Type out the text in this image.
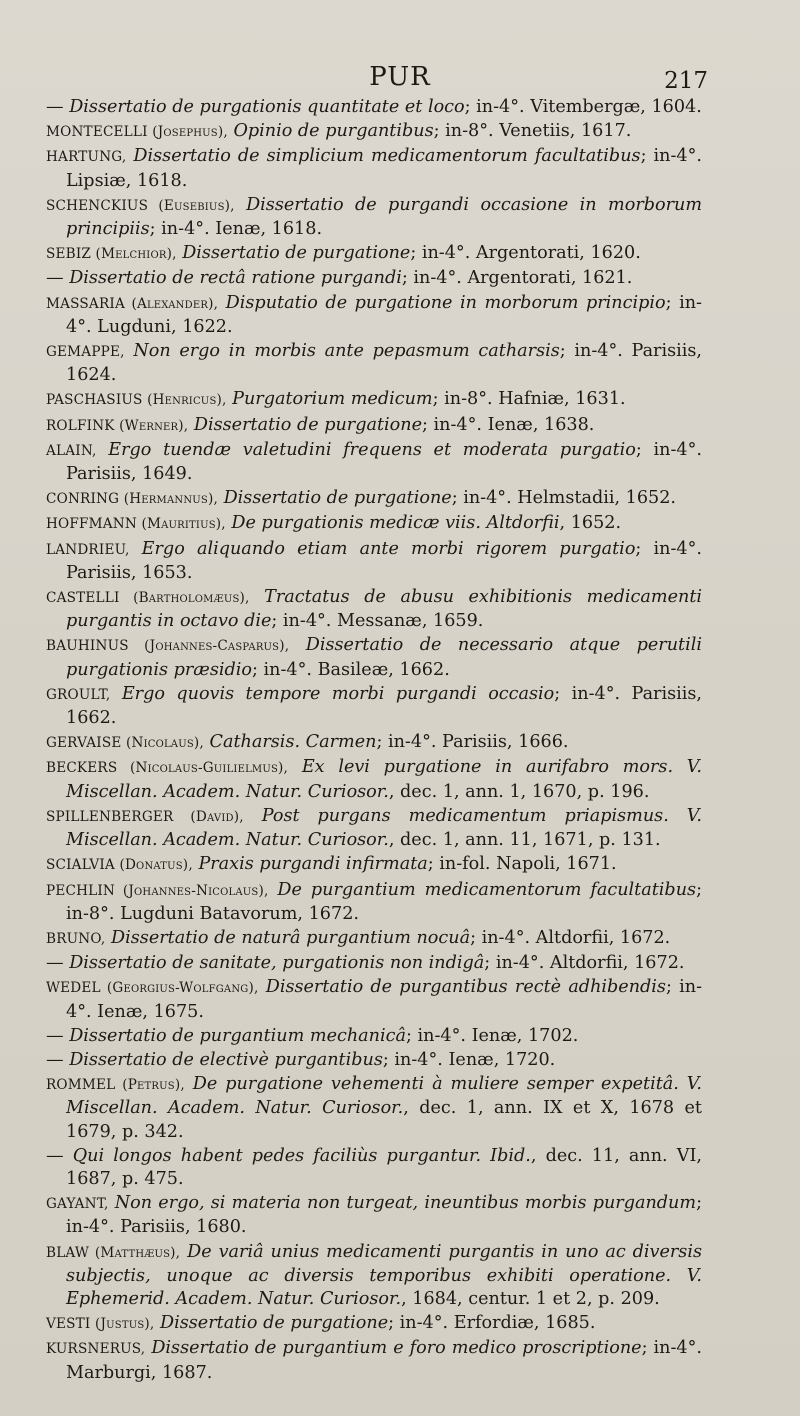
PUR	217

— Dissertatio de purgationis quantitate et loco; in-4°. Vitembergæ, 1604.

MONTECELLI (Josephus), Opinio de purgantibus; in-8°. Venetiis, 1617.

HARTUNG, Dissertatio de simplicium medicamentorum facultatibus; in-4°. Lipsiæ, 1618.

SCHENCKIUS (Eusebius), Dissertatio de purgandi occasione in morborum principiis; in-4°. Ienæ, 1618.

SEBIZ (Melchior), Dissertatio de purgatione; in-4°. Argentorati, 1620.

— Dissertatio de rectâ ratione purgandi; in-4°. Argentorati, 1621.

MASSARIA (Alexander), Disputatio de purgatione in morborum principio; in-4°. Lugduni, 1622.

GEMAPPE, Non ergo in morbis ante pepasmum catharsis; in-4°. Parisiis, 1624.

PASCHASIUS (Henricus), Purgatorium medicum; in-8°. Hafniæ, 1631.

ROLFINK (Werner), Dissertatio de purgatione; in-4°. Ienæ, 1638.

ALAIN, Ergo tuendæ valetudini frequens et moderata purgatio; in-4°. Parisiis, 1649.

CONRING (Hermannus), Dissertatio de purgatione; in-4°. Helmstadii, 1652.

HOFFMANN (Mauritius), De purgationis medicæ viis. Altdorfii, 1652.

LANDRIEU, Ergo aliquando etiam ante morbi rigorem purgatio; in-4°. Parisiis, 1653.

CASTELLI (Bartholomæus), Tractatus de abusu exhibitionis medicamenti purgantis in octavo die; in-4°. Messanæ, 1659.

BAUHINUS (Johannes-Casparus), Dissertatio de necessario atque perutili purgationis præsidio; in-4°. Basileæ, 1662.

GROULT, Ergo quovis tempore morbi purgandi occasio; in-4°. Parisiis, 1662.

GERVAISE (Nicolaus), Catharsis. Carmen; in-4°. Parisiis, 1666.

BECKERS (Nicolaus-Guilielmus), Ex levi purgatione in aurifabro mors. V. Miscellan. Academ. Natur. Curiosor., dec. 1, ann. 1, 1670, p. 196.

SPILLENBERGER (David), Post purgans medicamentum priapismus. V. Miscellan. Academ. Natur. Curiosor., dec. 1, ann. 11, 1671, p. 131.

SCIALVIA (Donatus), Praxis purgandi infirmata; in-fol. Napoli, 1671.

PECHLIN (Johannes-Nicolaus), De purgantium medicamentorum facultatibus; in-8°. Lugduni Batavorum, 1672.

BRUNO, Dissertatio de naturâ purgantium nocuâ; in-4°. Altdorfii, 1672.

— Dissertatio de sanitate, purgationis non indigâ; in-4°. Altdorfii, 1672.

WEDEL (Georgius-Wolfgang), Dissertatio de purgantibus rectè adhibendis; in-4°. Ienæ, 1675.

— Dissertatio de purgantium mechanicâ; in-4°. Ienæ, 1702.

— Dissertatio de electivè purgantibus; in-4°. Ienæ, 1720.

ROMMEL (Petrus), De purgatione vehementi à muliere semper expetitâ. V. Miscellan. Academ. Natur. Curiosor., dec. 1, ann. IX et X, 1678 et 1679, p. 342.

— Qui longos habent pedes faciliùs purgantur. Ibid., dec. 11, ann. VI, 1687, p. 475.

GAYANT, Non ergo, si materia non turgeat, ineuntibus morbis purgandum; in-4°. Parisiis, 1680.

BLAW (Matthæus), De variâ unius medicamenti purgantis in uno ac diversis subjectis, unoque ac diversis temporibus exhibiti operatione. V. Ephemerid. Academ. Natur. Curiosor., 1684, centur. 1 et 2, p. 209.

VESTI (Justus), Dissertatio de purgatione; in-4°. Erfordiæ, 1685.

KURSNERUS, Dissertatio de purgantium e foro medico proscriptione; in-4°. Marburgi, 1687.
